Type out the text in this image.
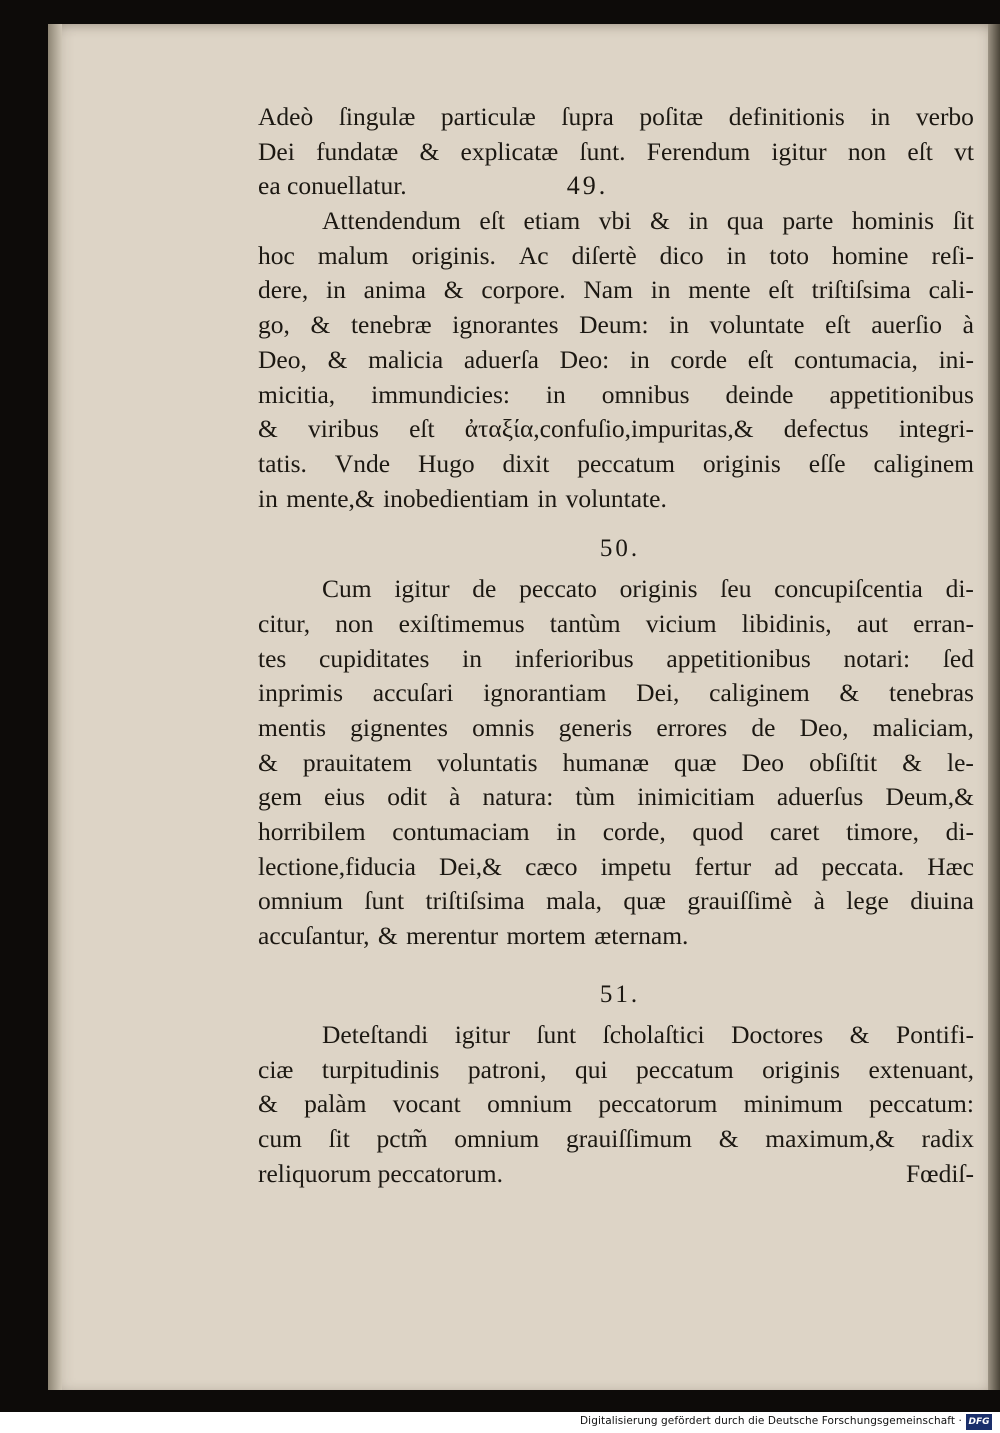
Adeò ſingulæ particulæ ſupra poſitæ definitionis in verbo
Dei fundatæ & explicatæ ſunt. Ferendum igitur non eſt vt
ea conuellatur.	49.
Attendendum eſt etiam vbi & in qua parte hominis ſit
hoc malum originis. Ac diſertè dico in toto homine reſi-
dere, in anima & corpore. Nam in mente eſt triſtiſsima cali-
go, & tenebræ ignorantes Deum: in voluntate eſt auerſio à
Deo, & malicia aduerſa Deo: in corde eſt contumacia, ini-
micitia, immundicies: in omnibus deinde appetitionibus
& viribus eſt ἀταξία,confuſio,impuritas,& defectus integri-
tatis. Vnde Hugo dixit peccatum originis eſſe caliginem
in mente,& inobedientiam in voluntate.
50.
Cum igitur de peccato originis ſeu concupiſcentia di-
citur, non exiſtimemus tantùm vicium libidinis, aut erran-
tes cupiditates in inferioribus appetitionibus notari: ſed
inprimis accuſari ignorantiam Dei, caliginem & tenebras
mentis gignentes omnis generis errores de Deo, maliciam,
& prauitatem voluntatis humanæ quæ Deo obſiſtit & le-
gem eius odit à natura: tùm inimicitiam aduerſus Deum,&
horribilem contumaciam in corde, quod caret timore, di-
lectione,fiducia Dei,& cæco impetu fertur ad peccata. Hæc
omnium ſunt triſtiſsima mala, quæ grauiſſimè à lege diuina
accuſantur, & merentur mortem æternam.
51.
Deteſtandi igitur ſunt ſcholaſtici Doctores & Pontifi-
ciæ turpitudinis patroni, qui peccatum originis extenuant,
& palàm vocant omnium peccatorum minimum peccatum:
cum ſit pctm̃ omnium grauiſſimum & maximum,& radix
reliquorum peccatorum.	Fœdiſ-
Digitalisierung gefördert durch die Deutsche Forschungsgemeinschaft · DFG
